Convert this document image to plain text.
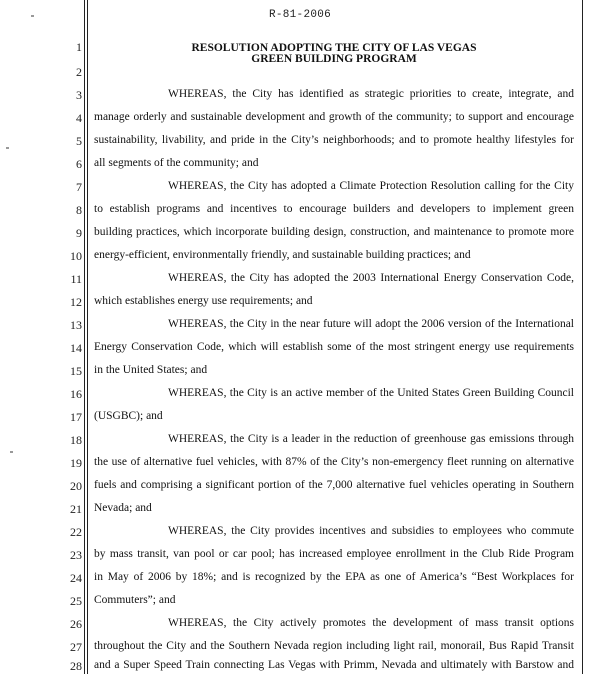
R-81-2006
1
2
3
4
5
6
7
8
9
10
11
12
13
14
15
16
17
18
19
20
21
22
23
24
25
26
27
28
RESOLUTION ADOPTING THE CITY OF LAS VEGAS
GREEN BUILDING PROGRAM
WHEREAS, the City has identified as strategic priorities to create, integrate, and
manage orderly and sustainable development and growth of the community; to support and encourage
sustainability, livability, and pride in the City’s neighborhoods; and to promote healthy lifestyles for
all segments of the community; and
WHEREAS, the City has adopted a Climate Protection Resolution calling for the City
to establish programs and incentives to encourage builders and developers to implement green
building practices, which incorporate building design, construction, and maintenance to promote more
energy-efficient, environmentally friendly, and sustainable building practices; and
WHEREAS, the City has adopted the 2003 International Energy Conservation Code,
which establishes energy use requirements; and
WHEREAS, the City in the near future will adopt the 2006 version of the International
Energy Conservation Code, which will establish some of the most stringent energy use requirements
in the United States; and
WHEREAS, the City is an active member of the United States Green Building Council
(USGBC); and
WHEREAS, the City is a leader in the reduction of greenhouse gas emissions through
the use of alternative fuel vehicles, with 87% of the City’s non-emergency fleet running on alternative
fuels and comprising a significant portion of the 7,000 alternative fuel vehicles operating in Southern
Nevada; and
WHEREAS, the City provides incentives and subsidies to employees who commute
by mass transit, van pool or car pool; has increased employee enrollment in the Club Ride Program
in May of 2006 by 18%; and is recognized by the EPA as one of America’s “Best Workplaces for
Commuters”; and
WHEREAS, the City actively promotes the development of mass transit options
throughout the City and the Southern Nevada region including light rail, monorail, Bus Rapid Transit
and a Super Speed Train connecting Las Vegas with Primm, Nevada and ultimately with Barstow and
